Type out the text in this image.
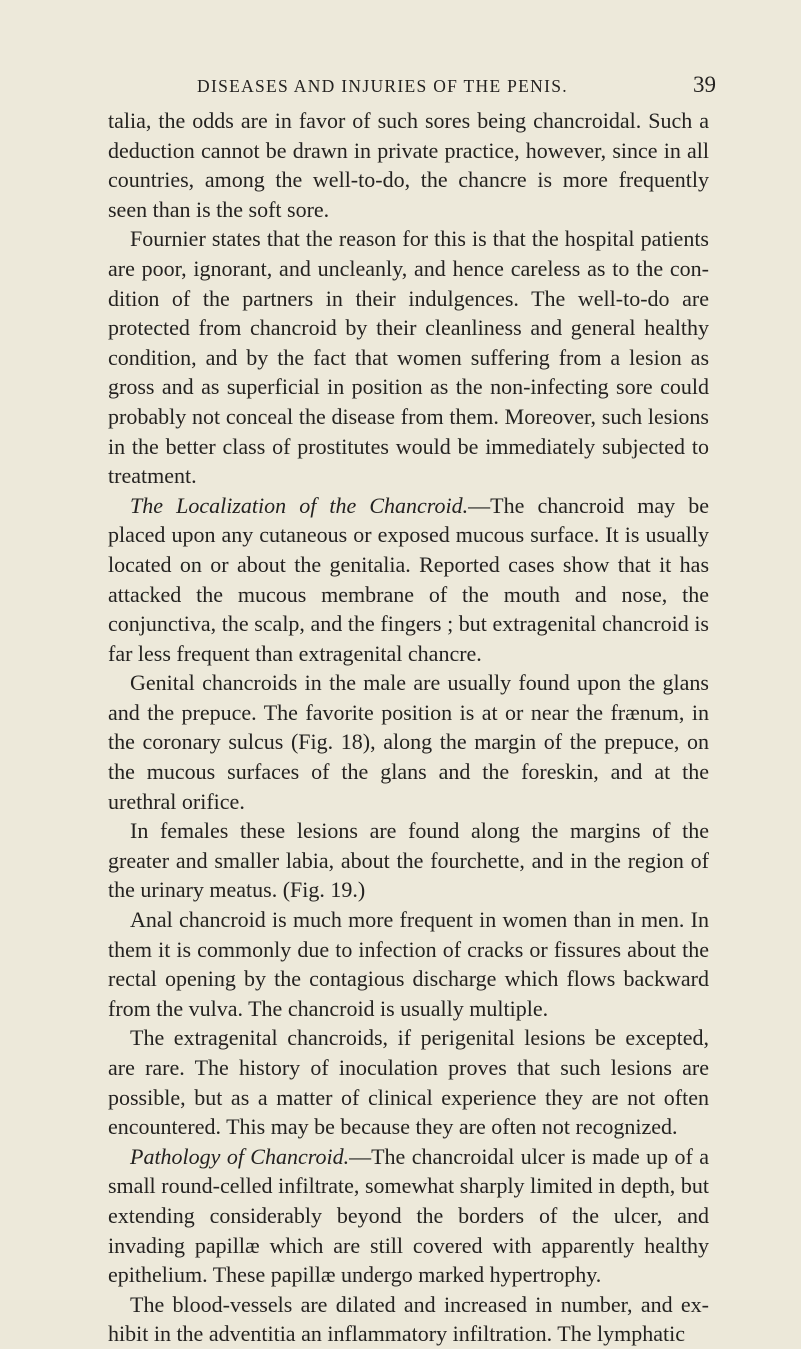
DISEASES AND INJURIES OF THE PENIS.	39

talia, the odds are in favor of such sores being chancroidal. Such a deduction cannot be drawn in private practice, however, since in all countries, among the well-to-do, the chancre is more frequently seen than is the soft sore.

Fournier states that the reason for this is that the hospital patients are poor, ignorant, and uncleanly, and hence careless as to the condition of the partners in their indulgences. The well-to-do are protected from chancroid by their cleanliness and general healthy condition, and by the fact that women suffering from a lesion as gross and as superficial in position as the non-infecting sore could probably not conceal the disease from them. Moreover, such lesions in the better class of prostitutes would be immediately subjected to treatment.

The Localization of the Chancroid.—The chancroid may be placed upon any cutaneous or exposed mucous surface. It is usually located on or about the genitalia. Reported cases show that it has attacked the mucous membrane of the mouth and nose, the conjunctiva, the scalp, and the fingers ; but extragenital chancroid is far less frequent than extragenital chancre.

Genital chancroids in the male are usually found upon the glans and the prepuce. The favorite position is at or near the frænum, in the coronary sulcus (Fig. 18), along the margin of the prepuce, on the mucous surfaces of the glans and the foreskin, and at the urethral orifice.

In females these lesions are found along the margins of the greater and smaller labia, about the fourchette, and in the region of the urinary meatus. (Fig. 19.)

Anal chancroid is much more frequent in women than in men. In them it is commonly due to infection of cracks or fissures about the rectal opening by the contagious discharge which flows backward from the vulva. The chancroid is usually multiple.

The extragenital chancroids, if perigenital lesions be excepted, are rare. The history of inoculation proves that such lesions are possible, but as a matter of clinical experience they are not often encountered. This may be because they are often not recognized.

Pathology of Chancroid.—The chancroidal ulcer is made up of a small round-celled infiltrate, somewhat sharply limited in depth, but extending considerably beyond the borders of the ulcer, and invading papillæ which are still covered with apparently healthy epithelium. These papillæ undergo marked hypertrophy.

The blood-vessels are dilated and increased in number, and exhibit in the adventitia an inflammatory infiltration. The lymphatic
